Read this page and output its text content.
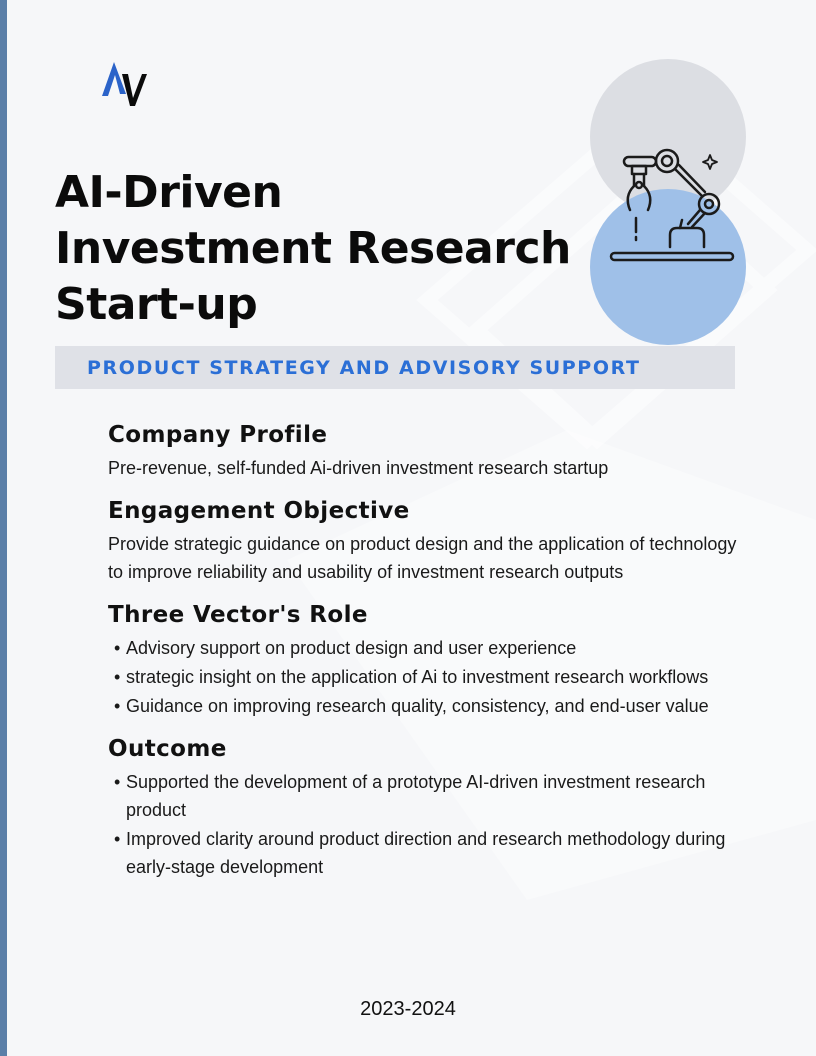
AI-Driven
Investment Research
Start-up
PRODUCT STRATEGY AND ADVISORY SUPPORT
Company Profile

Pre-revenue, self-funded Ai-driven investment research startup

Engagement Objective

Provide strategic guidance on product design and the application of technology to improve reliability and usability of investment research outputs

Three Vector's Role
• Advisory support on product design and user experience
• strategic insight on the application of Ai to investment research workflows
• Guidance on improving research quality, consistency, and end-user value
Outcome
• Supported the development of a prototype AI-driven investment research product
• Improved clarity around product direction and research methodology during early-stage development
2023-2024
